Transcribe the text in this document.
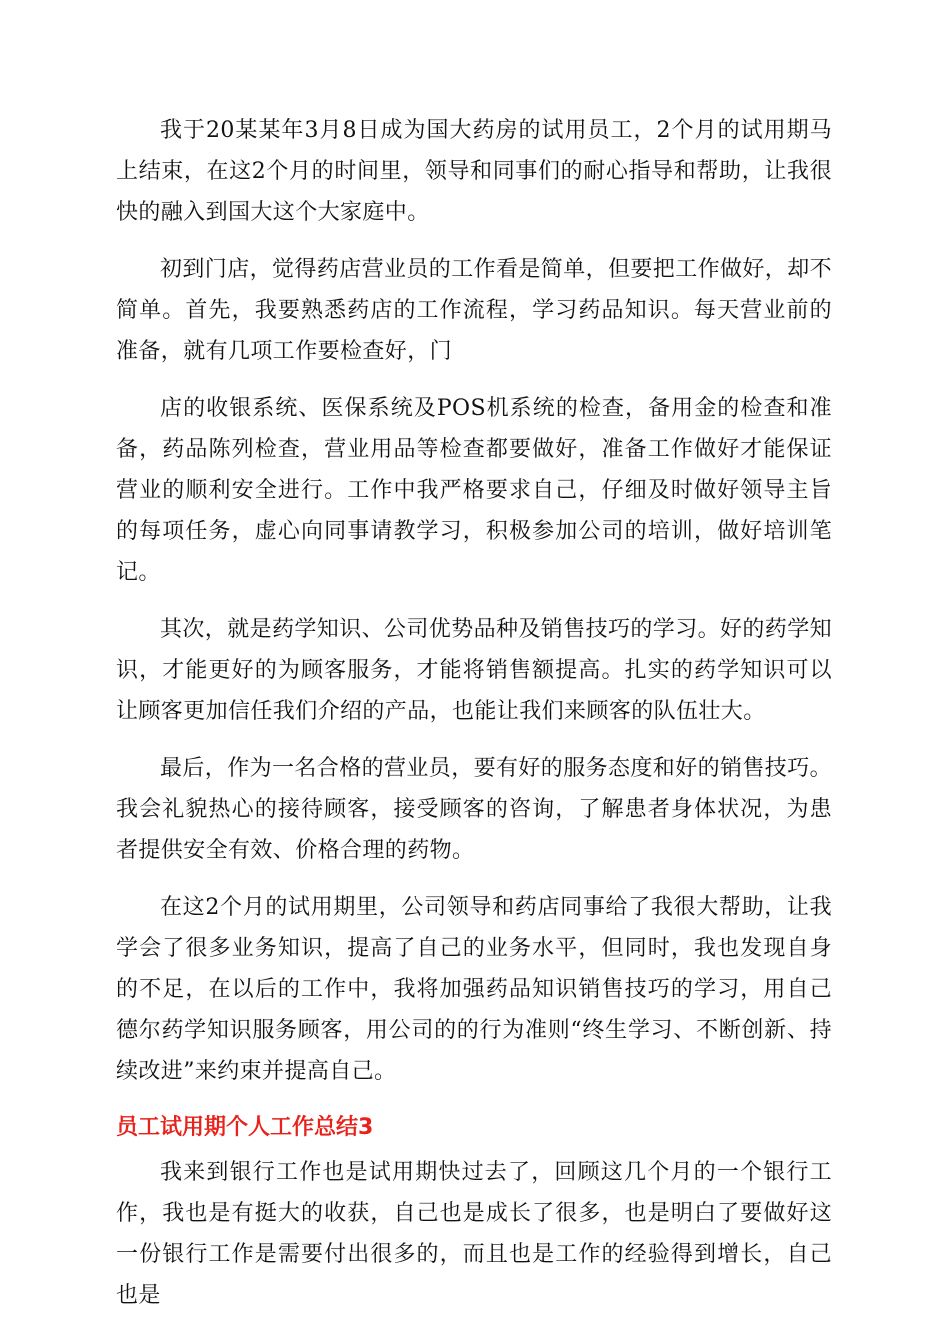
我于20某某年3月8日成为国大药房的试用员工，2个月的试用期马上结束，在这2个月的时间里，领导和同事们的耐心指导和帮助，让我很快的融入到国大这个大家庭中。

初到门店，觉得药店营业员的工作看是简单，但要把工作做好，却不简单。首先，我要熟悉药店的工作流程，学习药品知识。每天营业前的准备，就有几项工作要检查好，门

店的收银系统、医保系统及POS机系统的检查，备用金的检查和准备，药品陈列检查，营业用品等检查都要做好，准备工作做好才能保证营业的顺利安全进行。工作中我严格要求自己，仔细及时做好领导主旨的每项任务，虚心向同事请教学习，积极参加公司的培训，做好培训笔记。

其次，就是药学知识、公司优势品种及销售技巧的学习。好的药学知识，才能更好的为顾客服务，才能将销售额提高。扎实的药学知识可以让顾客更加信任我们介绍的产品，也能让我们来顾客的队伍壮大。

最后，作为一名合格的营业员，要有好的服务态度和好的销售技巧。我会礼貌热心的接待顾客，接受顾客的咨询，了解患者身体状况，为患者提供安全有效、价格合理的药物。

在这2个月的试用期里，公司领导和药店同事给了我很大帮助，让我学会了很多业务知识，提高了自己的业务水平，但同时，我也发现自身的不足，在以后的工作中，我将加强药品知识销售技巧的学习，用自己德尔药学知识服务顾客，用公司的的行为准则“终生学习、不断创新、持续改进”来约束并提高自己。

员工试用期个人工作总结3

我来到银行工作也是试用期快过去了，回顾这几个月的一个银行工作，我也是有挺大的收获，自己也是成长了很多，也是明白了要做好这一份银行工作是需要付出很多的，而且也是工作的经验得到增长，自己也是
